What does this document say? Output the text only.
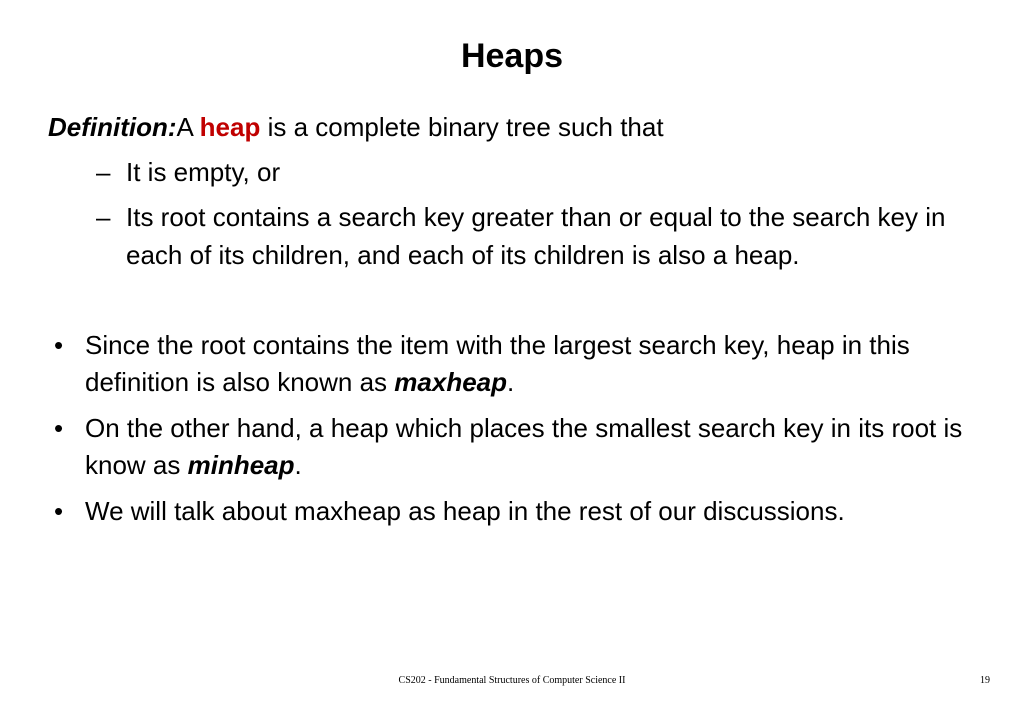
Heaps
Definition:A heap is a complete binary tree such that
– It is empty, or
– Its root contains a search key greater than or equal to the search key in each of its children, and each of its children is also a heap.
• Since the root contains the item with the largest search key, heap in this definition is also known as maxheap.
• On the other hand, a heap which places the smallest search key in its root is know as minheap.
• We will talk about maxheap as heap in the rest of our discussions.
CS202 - Fundamental Structures of Computer Science II	19
